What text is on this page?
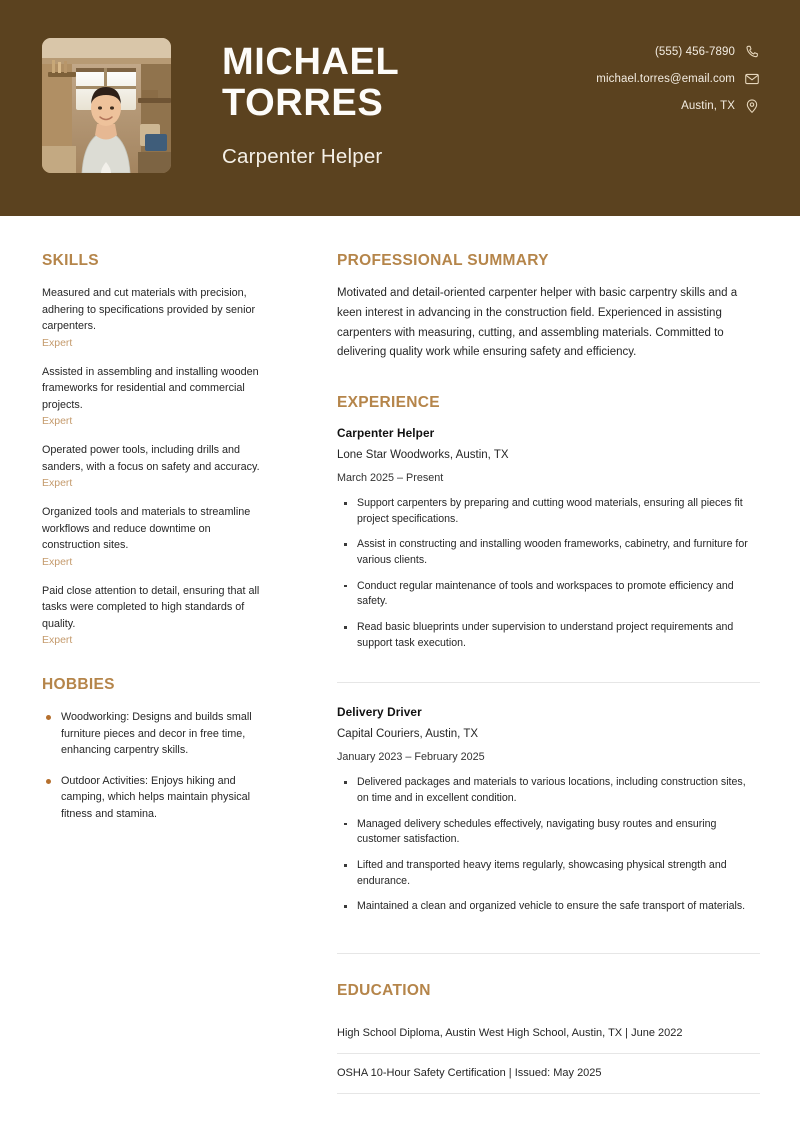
MICHAEL
TORRES
Carpenter Helper
(555) 456-7890
michael.torres@email.com
Austin, TX
SKILLS
Measured and cut materials with precision, adhering to specifications provided by senior carpenters.
Expert
Assisted in assembling and installing wooden frameworks for residential and commercial projects.
Expert
Operated power tools, including drills and sanders, with a focus on safety and accuracy.
Expert
Organized tools and materials to streamline workflows and reduce downtime on construction sites.
Expert
Paid close attention to detail, ensuring that all tasks were completed to high standards of quality.
Expert
HOBBIES
Woodworking: Designs and builds small furniture pieces and decor in free time, enhancing carpentry skills.
Outdoor Activities: Enjoys hiking and camping, which helps maintain physical fitness and stamina.
PROFESSIONAL SUMMARY
Motivated and detail-oriented carpenter helper with basic carpentry skills and a keen interest in advancing in the construction field. Experienced in assisting carpenters with measuring, cutting, and assembling materials. Committed to delivering quality work while ensuring safety and efficiency.
EXPERIENCE
Carpenter Helper
Lone Star Woodworks, Austin, TX
March 2025 – Present
Support carpenters by preparing and cutting wood materials, ensuring all pieces fit project specifications.
Assist in constructing and installing wooden frameworks, cabinetry, and furniture for various clients.
Conduct regular maintenance of tools and workspaces to promote efficiency and safety.
Read basic blueprints under supervision to understand project requirements and support task execution.
Delivery Driver
Capital Couriers, Austin, TX
January 2023 – February 2025
Delivered packages and materials to various locations, including construction sites, on time and in excellent condition.
Managed delivery schedules effectively, navigating busy routes and ensuring customer satisfaction.
Lifted and transported heavy items regularly, showcasing physical strength and endurance.
Maintained a clean and organized vehicle to ensure the safe transport of materials.
EDUCATION
High School Diploma, Austin West High School, Austin, TX | June 2022
OSHA 10-Hour Safety Certification | Issued: May 2025
